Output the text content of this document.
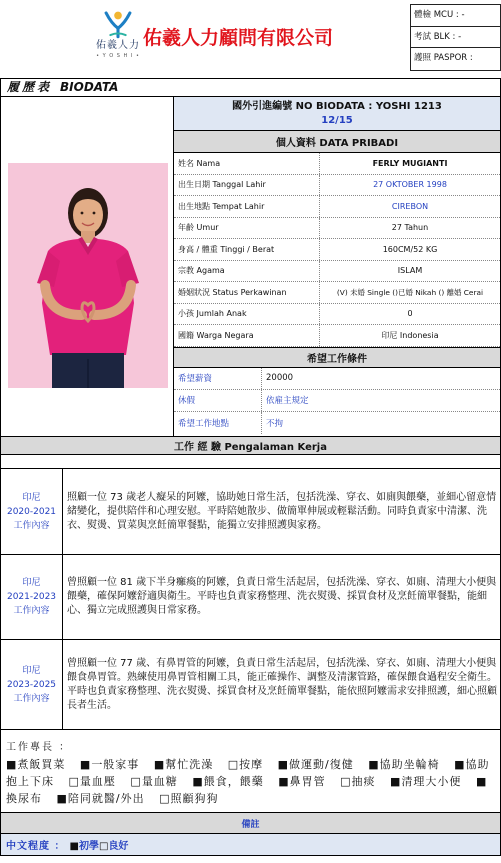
佑羲人力
• Y O S H I •
佑羲人力顧問有限公司
體檢 MCU : -
考試 BLK : -
護照 PASPOR :
履歷表 BIODATA
國外引進編號 NO BIODATA : YOSHI 1213
12/15
個人資料 DATA PRIBADI
姓名 Nama	FERLY MUGIANTI
出生日期 Tanggal Lahir	27 OKTOBER 1998
出生地點 Tempat Lahir	CIREBON
年齡 Umur	27 Tahun
身高 / 體重 Tinggi / Berat	160CM/52 KG
宗教 Agama	ISLAM
婚姻狀況 Status Perkawinan	(V) 未婚 Single ()已婚 Nikah () 離婚 Cerai
小孩 Jumlah Anak	0
國籍 Warga Negara	印尼 Indonesia
希望工作條件
希望薪資	20000
休假	依雇主規定
希望工作地點	不拘
工作 經 驗 Pengalaman Kerja
印尼
2020-2021
工作內容
照顧一位 73 歲老人癡呆的阿嬤，協助她日常生活，包括洗澡、穿衣、如廁與餵藥，並細心留意情緒變化，提供陪伴和心理安慰。平時陪她散步、做簡單伸展或輕鬆活動。同時負責家中清潔、洗衣、熨燙、買菜與烹飪簡單餐點，能獨立安排照護與家務。
印尼
2021-2023
工作內容
曾照顧一位 81 歲下半身癱瘓的阿嬤，負責日常生活起居，包括洗澡、穿衣、如廁、清理大小便與餵藥，確保阿嬤舒適與衛生。平時也負責家務整理、洗衣熨燙、採買食材及烹飪簡單餐點，能細心、獨立完成照護與日常家務。
印尼
2023-2025
工作內容
曾照顧一位 77 歲、有鼻胃管的阿嬤，負責日常生活起居，包括洗澡、穿衣、如廁、清理大小便與餵食鼻胃管。熟練使用鼻胃管相關工具，能正確操作、調整及清潔管路，確保餵食過程安全衛生。平時也負責家務整理、洗衣熨燙、採買食材及烹飪簡單餐點，能依照阿嬤需求安排照護，細心照顧長者生活。
工作專長 ：
■煮飯買菜 ■一般家事 ■幫忙洗澡 □按摩 ■做運動/復健 ■協助坐輪椅 ■協助抱上下床 □量血壓 □量血糖 ■餵食，餵藥 ■鼻胃管 □抽痰 ■清理大小便 ■換尿布 ■陪同就醫/外出 □照顧狗狗
備註
中文程度 ： ■初學 □良好
